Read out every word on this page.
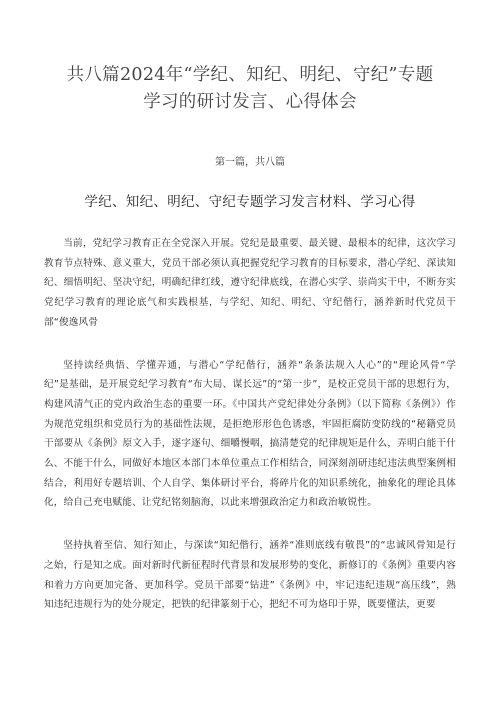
共八篇2024年“学纪、知纪、明纪、守纪”专题学习的研讨发言、心得体会
第一篇，共八篇
学纪、知纪、明纪、守纪专题学习发言材料、学习心得

当前，党纪学习教育正在全党深入开展。党纪是最重要、最关键、最根本的纪律，这次学习教育节点特殊、意义重大，党员干部必须认真把握党纪学习教育的目标要求，潜心学纪、深读知纪、细悟明纪、坚决守纪，明确纪律红线，遵守纪律底线，在潜心实学、崇尚实干中，不断夯实党纪学习教育的理论底气和实践根基，与学纪、知纪、明纪、守纪偕行，涵养新时代党员干部“俊逸风骨

坚持读经典悟、学懂弄通，与潜心“学纪偕行，涵养“条条法规入人心”的“理论风骨“学纪”是基础，是开展党纪学习教育“布大局、谋长远”的“第一步”，是校正党员干部的思想行为，构建风清气正的党内政治生态的重要一环。《中国共产党纪律处分条例》（以下简称《条例》）作为规范党组织和党员行为的基础性法规，是拒绝形形色色诱惑，牢固拒腐防变防线的“秘籍党员干部要从《条例》原文入手，逐字逐句、细嚼慢咽，搞清楚党的纪律规矩是什么，弄明白能干什么、不能干什么，同做好本地区本部门本单位重点工作相结合，同深刻剖研违纪违法典型案例相结合，利用好专题培训、个人自学、集体研讨平台，将碎片化的知识系统化，抽象化的理论具体化，给自己充电赋能、让党纪铭刻脑海，以此来增强政治定力和政治敏锐性。

坚持执着至信、知行知止，与深读“知纪偕行，涵养“准则底线有敬畏”的“忠诚风骨知是行之始，行是知之成。面对新时代新征程时代背景和发展形势的变化，新修订的《条例》重要内容和着力方向更加完备、更加科学。党员干部要“钻进”《条例》中，牢记违纪违规“高压线”，熟知违纪违规行为的处分规定，把铁的纪律篆刻于心，把纪不可为烙印于界，既要懂法，更要
